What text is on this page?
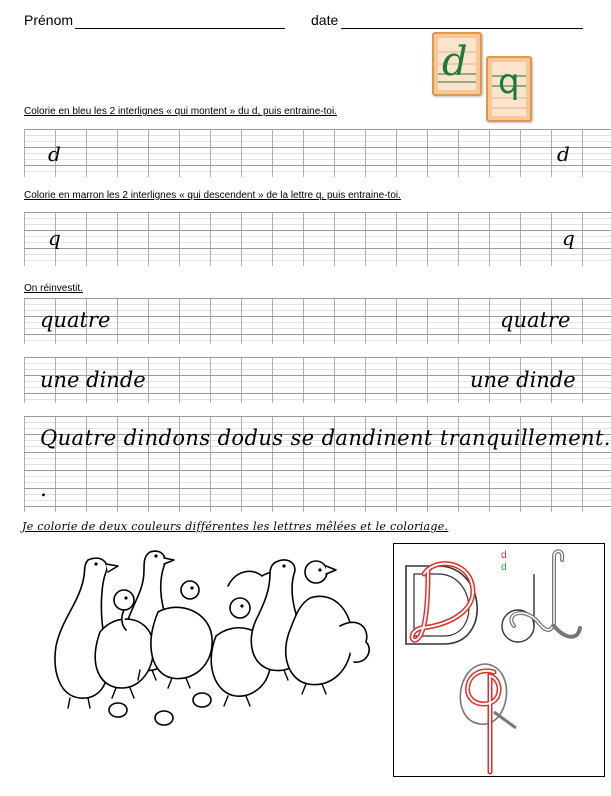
Prénom	date
d q
Colorie en bleu les 2 interlignes « qui montent » du d, puis entraine-toi.
d	d
Colorie en marron les 2 interlignes « qui descendent » de la lettre q, puis entraine-toi.
q	q
On réinvestit.
quatre	quatre
une dinde	une dinde
Quatre dindons dodus se dandinent tranquillement.
.
Je colorie de deux couleurs différentes les lettres mêlées et le coloriage.
d
d
